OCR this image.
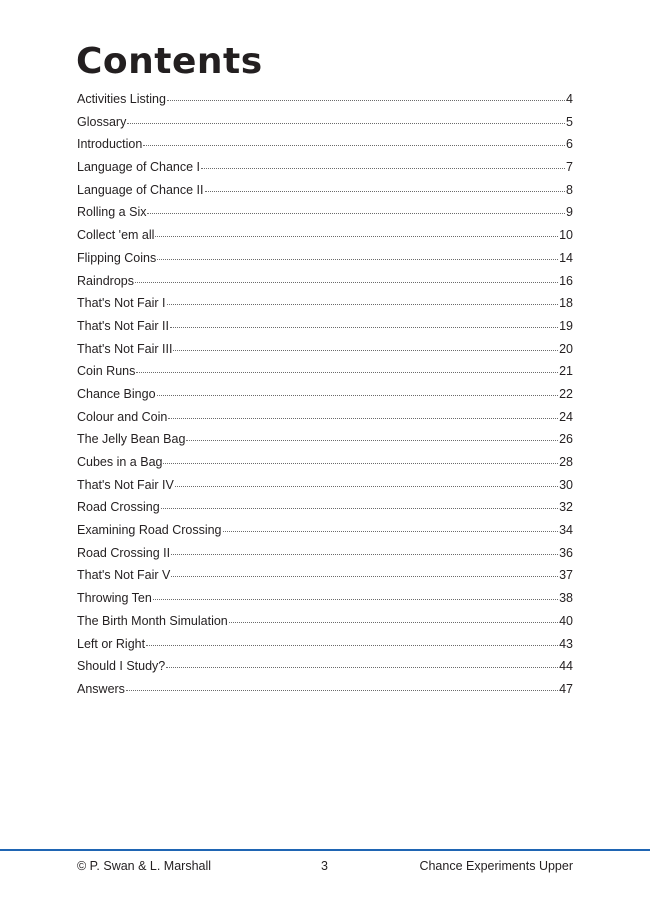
Contents
Activities Listing	4
Glossary	5
Introduction	6
Language of Chance I	7
Language of Chance II	8
Rolling a Six	9
Collect 'em all	10
Flipping Coins	14
Raindrops	16
That's Not Fair I	18
That's Not Fair II	19
That's Not Fair III	20
Coin Runs	21
Chance Bingo	22
Colour and Coin	24
The Jelly Bean Bag	26
Cubes in a Bag	28
That's Not Fair IV	30
Road Crossing	32
Examining Road Crossing	34
Road Crossing II	36
That's Not Fair V	37
Throwing Ten	38
The Birth Month Simulation	40
Left or Right	43
Should I Study?	44
Answers	47
© P. Swan & L. Marshall	3	Chance Experiments Upper
